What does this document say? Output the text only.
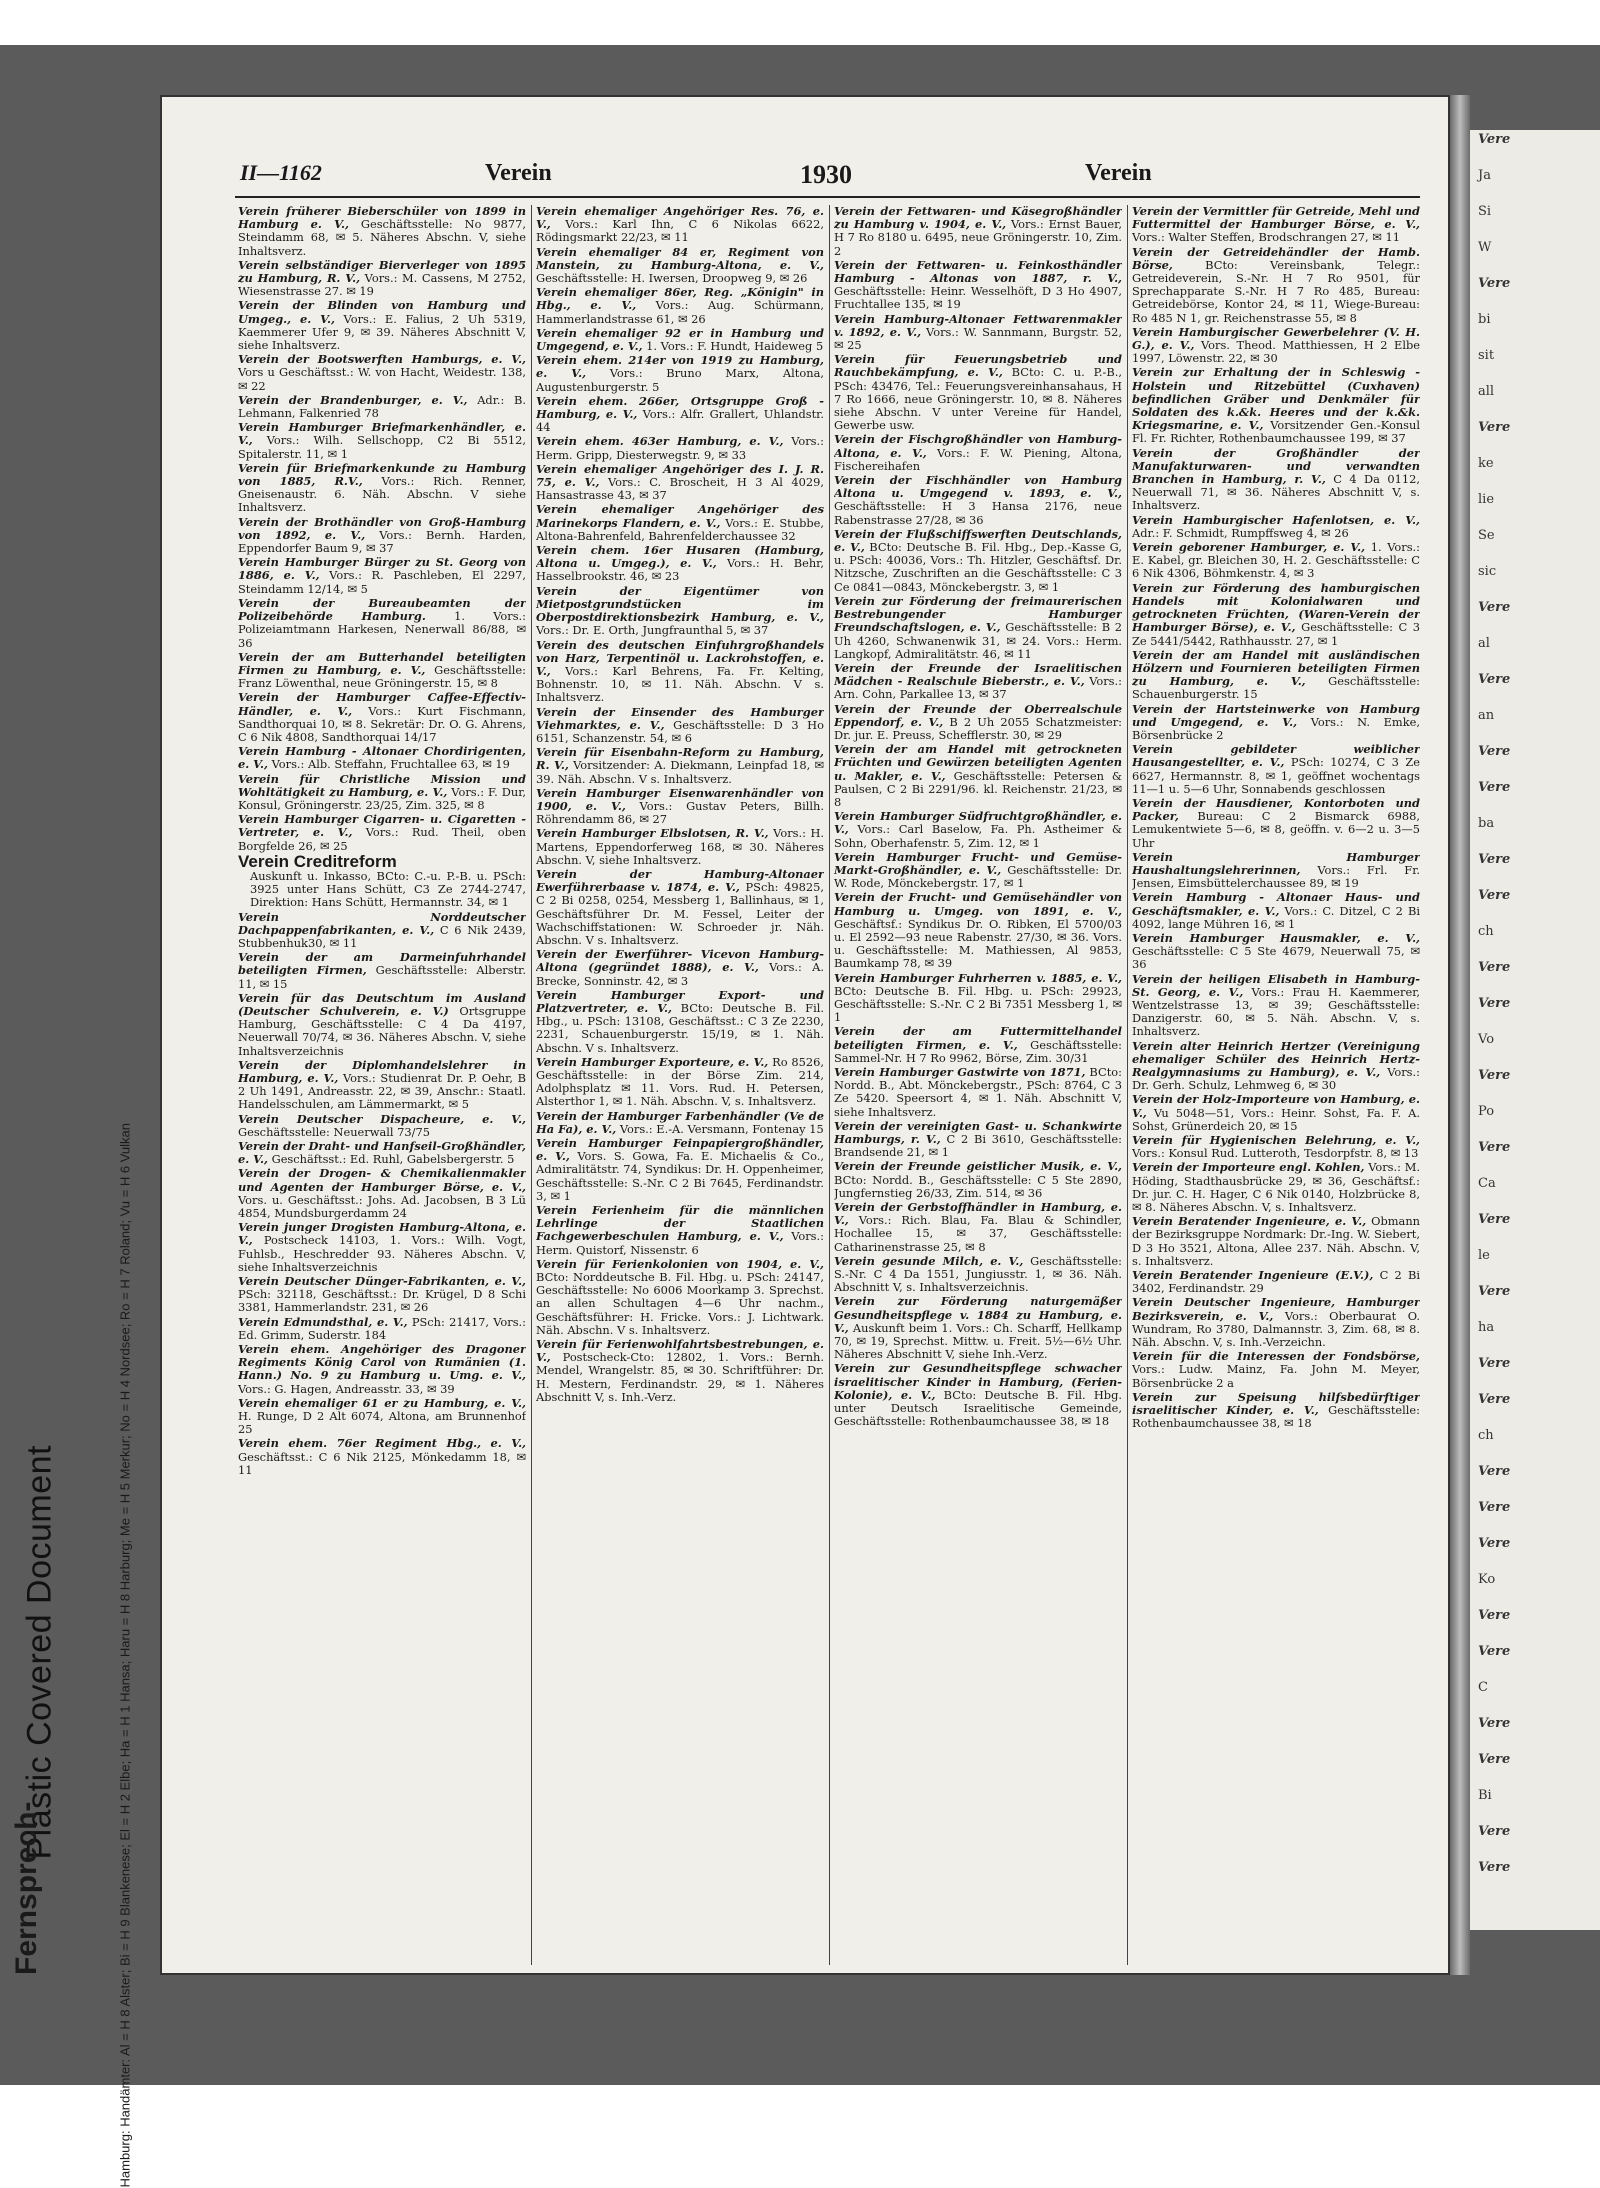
Plastic Covered Document
Vere
Ja
Si
W
Vere
bi
sit
all
Vere
ke
lie
Se
sic
Vere
al
Vere
an
Vere
Vere
ba
Vere
Vere
ch
Vere
Vere
Vo
Vere
Po
Vere
Ca
Vere
le
Vere
ha
Vere
Vere
ch
Vere
Vere
Vere
Ko
Vere
Vere
C
Vere
Vere
Bi
Vere
Vere
II—1162	Verein	1930	Verein
Fernsprech-	Hamburg: Handämter: Al = H 8 Alster; Bi = H 9 Blankenese; El = H 2 Elbe; Ha = H 1 Hansa; Haru = H 8 Harburg; Me = H 5 Merkur; No = H 4 Nordsee; Ro = H 7 Roland; Vu = H 6 Vulkan
Verein früherer Bieberschüler von 1899 in Hamburg e. V., Geschäftsstelle: No 9877, Steindamm 68, ✉ 5. Näheres Abschn. V, siehe Inhaltsverz.
Verein selbständiger Bierverleger von 1895 zu Hamburg, R. V., Vors.: M. Cassens, M 2752, Wiesenstrasse 27. ✉ 19
Verein der Blinden von Hamburg und Umgeg., e. V., Vors.: E. Falius, 2 Uh 5319, Kaemmerer Ufer 9, ✉ 39. Näheres Abschnitt V, siehe Inhaltsverz.
Verein der Bootswerften Hamburgs, e. V., Vors u Geschäftsst.: W. von Hacht, Weidestr. 138, ✉ 22
Verein der Brandenburger, e. V., Adr.: B. Lehmann, Falkenried 78
Verein Hamburger Briefmarkenhändler, e. V., Vors.: Wilh. Sellschopp, C2 Bi 5512, Spitalerstr. 11, ✉ 1
Verein für Briefmarkenkunde zu Hamburg von 1885, R.V., Vors.: Rich. Renner, Gneisenaustr. 6. Näh. Abschn. V siehe Inhaltsverz.
Verein der Brothändler von Groß-Hamburg von 1892, e. V., Vors.: Bernh. Harden, Eppendorfer Baum 9, ✉ 37
Verein Hamburger Bürger zu St. Georg von 1886, e. V., Vors.: R. Paschleben, El 2297, Steindamm 12/14, ✉ 5
Verein der Bureaubeamten der Polizeibehörde Hamburg. 1. Vors.: Polizeiamtmann Harkesen, Nenerwall 86/88, ✉ 36
Verein der am Butterhandel beteiligten Firmen zu Hamburg, e. V., Geschäftsstelle: Franz Löwenthal, neue Gröningerstr. 15, ✉ 8
Verein der Hamburger Caffee-Effectiv-Händler, e. V., Vors.: Kurt Fischmann, Sandthorquai 10, ✉ 8. Sekretär: Dr. O. G. Ahrens, C 6 Nik 4808, Sandthorquai 14/17
Verein Hamburg - Altonaer Chordirigenten, e. V., Vors.: Alb. Steffahn, Fruchtallee 63, ✉ 19
Verein für Christliche Mission und Wohltätigkeit zu Hamburg, e. V., Vors.: F. Dur, Konsul, Gröningerstr. 23/25, Zim. 325, ✉ 8
Verein Hamburger Cigarren- u. Cigaretten - Vertreter, e. V., Vors.: Rud. Theil, oben Borgfelde 26, ✉ 25
Verein Creditreform
Auskunft u. Inkasso, BCto: C.-u. P.-B. u. PSch: 3925 unter Hans Schütt, C3 Ze 2744-2747, Direktion: Hans Schütt, Hermannstr. 34, ✉ 1
Verein Norddeutscher Dachpappenfabrikanten, e. V., C 6 Nik 2439, Stubbenhuk30, ✉ 11
Verein der am Darmeinfuhrhandel beteiligten Firmen, Geschäftsstelle: Alberstr. 11, ✉ 15
Verein für das Deutschtum im Ausland (Deutscher Schulverein, e. V.) Ortsgruppe Hamburg, Geschäftsstelle: C 4 Da 4197, Neuerwall 70/74, ✉ 36. Näheres Abschn. V, siehe Inhaltsverzeichnis
Verein der Diplomhandelslehrer in Hamburg, e. V., Vors.: Studienrat Dr. P. Oehr, B 2 Uh 1491, Andreasstr. 22, ✉ 39, Anschr.: Staatl. Handelsschulen, am Lämmermarkt, ✉ 5
Verein Deutscher Dispacheure, e. V., Geschäftsstelle: Neuerwall 73/75
Verein der Draht- und Hanfseil-Großhändler, e. V., Geschäftsst.: Ed. Ruhl, Gabelsbergerstr. 5
Verein der Drogen- & Chemikalienmakler und Agenten der Hamburger Börse, e. V., Vors. u. Geschäftsst.: Johs. Ad. Jacobsen, B 3 Lü 4854, Mundsburgerdamm 24
Verein junger Drogisten Hamburg-Altona, e. V., Postscheck 14103, 1. Vors.: Wilh. Vogt, Fuhlsb., Heschredder 93. Näheres Abschn. V, siehe Inhaltsverzeichnis
Verein Deutscher Dünger-Fabrikanten, e. V., PSch: 32118, Geschäftsst.: Dr. Krügel, D 8 Schi 3381, Hammerlandstr. 231, ✉ 26
Verein Edmundsthal, e. V., PSch: 21417, Vors.: Ed. Grimm, Suderstr. 184
Verein ehem. Angehöriger des Dragoner Regiments König Carol von Rumänien (1. Hann.) No. 9 zu Hamburg u. Umg. e. V., Vors.: G. Hagen, Andreasstr. 33, ✉ 39
Verein ehemaliger 61 er zu Hamburg, e. V., H. Runge, D 2 Alt 6074, Altona, am Brunnenhof 25
Verein ehem. 76er Regiment Hbg., e. V., Geschäftsst.: C 6 Nik 2125, Mönkedamm 18, ✉ 11
Verein ehemaliger Angehöriger Res. 76, e. V., Vors.: Karl Ihn, C 6 Nikolas 6622, Rödingsmarkt 22/23, ✉ 11
Verein ehemaliger 84 er, Regiment von Manstein, zu Hamburg-Altona, e. V., Geschäftsstelle: H. Iwersen, Droopweg 9, ✉ 26
Verein ehemaliger 86er, Reg. „Königin" in Hbg., e. V., Vors.: Aug. Schürmann, Hammerlandstrasse 61, ✉ 26
Verein ehemaliger 92 er in Hamburg und Umgegend, e. V., 1. Vors.: F. Hundt, Haideweg 5
Verein ehem. 214er von 1919 zu Hamburg, e. V., Vors.: Bruno Marx, Altona, Augustenburgerstr. 5
Verein ehem. 266er, Ortsgruppe Groß - Hamburg, e. V., Vors.: Alfr. Grallert, Uhlandstr. 44
Verein ehem. 463er Hamburg, e. V., Vors.: Herm. Gripp, Diesterwegstr. 9, ✉ 33
Verein ehemaliger Angehöriger des I. J. R. 75, e. V., Vors.: C. Broscheit, H 3 Al 4029, Hansastrasse 43, ✉ 37
Verein ehemaliger Angehöriger des Marinekorps Flandern, e. V., Vors.: E. Stubbe, Altona-Bahrenfeld, Bahrenfelderchaussee 32
Verein chem. 16er Husaren (Hamburg, Altona u. Umgeg.), e. V., Vors.: H. Behr, Hasselbrookstr. 46, ✉ 23
Verein der Eigentümer von Mietpostgrundstücken im Oberpostdirektionsbezirk Hamburg, e. V., Vors.: Dr. E. Orth, Jungfraunthal 5, ✉ 37
Verein des deutschen Einfuhrgroßhandels von Harz, Terpentinöl u. Lackrohstoffen, e. V., Vors.: Karl Behrens, Fa. Fr. Kelting, Bohnenstr. 10, ✉ 11. Näh. Abschn. V s. Inhaltsverz.
Verein der Einsender des Hamburger Viehmarktes, e. V., Geschäftsstelle: D 3 Ho 6151, Schanzenstr. 54, ✉ 6
Verein für Eisenbahn-Reform zu Hamburg, R. V., Vorsitzender: A. Diekmann, Leinpfad 18, ✉ 39. Näh. Abschn. V s. Inhaltsverz.
Verein Hamburger Eisenwarenhändler von 1900, e. V., Vors.: Gustav Peters, Billh. Röhrendamm 86, ✉ 27
Verein Hamburger Elbslotsen, R. V., Vors.: H. Martens, Eppendorferweg 168, ✉ 30. Näheres Abschn. V, siehe Inhaltsverz.
Verein der Hamburg-Altonaer Ewerführerbaase v. 1874, e. V., PSch: 49825, C 2 Bi 0258, 0254, Messberg 1, Ballinhaus, ✉ 1, Geschäftsführer Dr. M. Fessel, Leiter der Wachschiffstationen: W. Schroeder jr. Näh. Abschn. V s. Inhaltsverz.
Verein der Ewerführer- Vicevon Hamburg-Altona (gegründet 1888), e. V., Vors.: A. Brecke, Sonninstr. 42, ✉ 3
Verein Hamburger Export- und Platzvertreter, e. V., BCto: Deutsche B. Fil. Hbg., u. PSch: 13108, Geschäftsst.: C 3 Ze 2230, 2231, Schauenburgerstr. 15/19, ✉ 1. Näh. Abschn. V s. Inhaltsverz.
Verein Hamburger Exporteure, e. V., Ro 8526, Geschäftsstelle: in der Börse Zim. 214, Adolphsplatz ✉ 11. Vors. Rud. H. Petersen, Alsterthor 1, ✉ 1. Näh. Abschn. V, s. Inhaltsverz.
Verein der Hamburger Farbenhändler (Ve de Ha Fa), e. V., Vors.: E.-A. Versmann, Fontenay 15
Verein Hamburger Feinpapiergroßhändler, e. V., Vors. S. Gowa, Fa. E. Michaelis & Co., Admiralitätstr. 74, Syndikus: Dr. H. Oppenheimer, Geschäftsstelle: S.-Nr. C 2 Bi 7645, Ferdinandstr. 3, ✉ 1
Verein Ferienheim für die männlichen Lehrlinge der Staatlichen Fachgewerbeschulen Hamburg, e. V., Vors.: Herm. Quistorf, Nissenstr. 6
Verein für Ferienkolonien von 1904, e. V., BCto: Norddeutsche B. Fil. Hbg. u. PSch: 24147, Geschäftsstelle: No 6006 Moorkamp 3. Sprechst. an allen Schultagen 4—6 Uhr nachm., Geschäftsführer: H. Fricke. Vors.: J. Lichtwark. Näh. Abschn. V s. Inhaltsverz.
Verein für Ferienwohlfahrtsbestrebungen, e. V., Postscheck-Cto: 12802, 1. Vors.: Bernh. Mendel, Wrangelstr. 85, ✉ 30. Schriftführer: Dr. H. Mestern, Ferdinandstr. 29, ✉ 1. Näheres Abschnitt V, s. Inh.-Verz.
Verein der Fettwaren- und Käsegroßhändler zu Hamburg v. 1904, e. V., Vors.: Ernst Bauer, H 7 Ro 8180 u. 6495, neue Gröningerstr. 10, Zim. 2
Verein der Fettwaren- u. Feinkosthändler Hamburg - Altonas von 1887, r. V., Geschäftsstelle: Heinr. Wesselhöft, D 3 Ho 4907, Fruchtallee 135, ✉ 19
Verein Hamburg-Altonaer Fettwarenmakler v. 1892, e. V., Vors.: W. Sannmann, Burgstr. 52, ✉ 25
Verein für Feuerungsbetrieb und Rauchbekämpfung, e. V., BCto: C. u. P.-B., PSch: 43476, Tel.: Feuerungsvereinhansahaus, H 7 Ro 1666, neue Gröningerstr. 10, ✉ 8. Näheres siehe Abschn. V unter Vereine für Handel, Gewerbe usw.
Verein der Fischgroßhändler von Hamburg-Altona, e. V., Vors.: F. W. Piening, Altona, Fischereihafen
Verein der Fischhändler von Hamburg Altona u. Umgegend v. 1893, e. V., Geschäftsstelle: H 3 Hansa 2176, neue Rabenstrasse 27/28, ✉ 36
Verein der Flußschiffswerften Deutschlands, e. V., BCto: Deutsche B. Fil. Hbg., Dep.-Kasse G, u. PSch: 40036, Vors.: Th. Hitzler, Geschäftsf. Dr. Nitzsche, Zuschriften an die Geschäftsstelle: C 3 Ce 0841—0843, Mönckebergstr. 3, ✉ 1
Verein zur Förderung der freimaurerischen Bestrebungender Hamburger Freundschaftslogen, e. V., Geschäftsstelle: B 2 Uh 4260, Schwanenwik 31, ✉ 24. Vors.: Herm. Langkopf, Admiralitätstr. 46, ✉ 11
Verein der Freunde der Israelitischen Mädchen - Realschule Bieberstr., e. V., Vors.: Arn. Cohn, Parkallee 13, ✉ 37
Verein der Freunde der Oberrealschule Eppendorf, e. V., B 2 Uh 2055 Schatzmeister: Dr. jur. E. Preuss, Schefflerstr. 30, ✉ 29
Verein der am Handel mit getrockneten Früchten und Gewürzen beteiligten Agenten u. Makler, e. V., Geschäftsstelle: Petersen & Paulsen, C 2 Bi 2291/96. kl. Reichenstr. 21/23, ✉ 8
Verein Hamburger Südfruchtgroßhändler, e. V., Vors.: Carl Baselow, Fa. Ph. Astheimer & Sohn, Oberhafenstr. 5, Zim. 12, ✉ 1
Verein Hamburger Frucht- und Gemüse-Markt-Großhändler, e. V., Geschäftsstelle: Dr. W. Rode, Mönckebergstr. 17, ✉ 1
Verein der Frucht- und Gemüsehändler von Hamburg u. Umgeg. von 1891, e. V., Geschäftsf.: Syndikus Dr. O. Ribken, El 5700/03 u. El 2592—93 neue Rabenstr. 27/30, ✉ 36. Vors. u. Geschäftsstelle: M. Mathiessen, Al 9853, Baumkamp 78, ✉ 39
Verein Hamburger Fuhrherren v. 1885, e. V., BCto: Deutsche B. Fil. Hbg. u. PSch: 29923, Geschäftsstelle: S.-Nr. C 2 Bi 7351 Messberg 1, ✉ 1
Verein der am Futtermittelhandel beteiligten Firmen, e. V., Geschäftsstelle: Sammel-Nr. H 7 Ro 9962, Börse, Zim. 30/31
Verein Hamburger Gastwirte von 1871, BCto: Nordd. B., Abt. Mönckebergstr., PSch: 8764, C 3 Ze 5420. Speersort 4, ✉ 1. Näh. Abschnitt V, siehe Inhaltsverz.
Verein der vereinigten Gast- u. Schankwirte Hamburgs, r. V., C 2 Bi 3610, Geschäftsstelle: Brandsende 21, ✉ 1
Verein der Freunde geistlicher Musik, e. V., BCto: Nordd. B., Geschäftsstelle: C 5 Ste 2890, Jungfernstieg 26/33, Zim. 514, ✉ 36
Verein der Gerbstoffhändler in Hamburg, e. V., Vors.: Rich. Blau, Fa. Blau & Schindler, Hochallee 15, ✉ 37, Geschäftsstelle: Catharinenstrasse 25, ✉ 8
Verein gesunde Milch, e. V., Geschäftsstelle: S.-Nr. C 4 Da 1551, Jungiusstr. 1, ✉ 36. Näh. Abschnitt V, s. Inhaltsverzeichnis.
Verein zur Förderung naturgemäßer Gesundheitspflege v. 1884 zu Hamburg, e. V., Auskunft beim 1. Vors.: Ch. Scharff, Hellkamp 70, ✉ 19, Sprechst. Mittw. u. Freit. 5½—6½ Uhr. Näheres Abschnitt V, siehe Inh.-Verz.
Verein zur Gesundheitspflege schwacher israelitischer Kinder in Hamburg, (Ferien-Kolonie), e. V., BCto: Deutsche B. Fil. Hbg. unter Deutsch Israelitische Gemeinde, Geschäftsstelle: Rothenbaumchaussee 38, ✉ 18
Verein der Vermittler für Getreide, Mehl und Futtermittel der Hamburger Börse, e. V., Vors.: Walter Steffen, Brodschrangen 27, ✉ 11
Verein der Getreidehändler der Hamb. Börse,	BCto: Vereinsbank, Telegr.: Getreideverein, S.-Nr. H 7 Ro 9501, für Sprechapparate S.-Nr. H 7 Ro 485, Bureau: Getreidebörse, Kontor 24, ✉ 11, Wiege-Bureau: Ro 485 N 1, gr. Reichenstrasse 55, ✉ 8
Verein Hamburgischer Gewerbelehrer (V. H. G.), e. V., Vors. Theod. Matthiessen, H 2 Elbe 1997, Löwenstr. 22, ✉ 30
Verein zur Erhaltung der in Schleswig - Holstein und Ritzebüttel (Cuxhaven) befindlichen Gräber und Denkmäler für Soldaten des k.&k. Heeres und der k.&k. Kriegsmarine, e. V., Vorsitzender Gen.-Konsul Fl. Fr. Richter, Rothenbaumchaussee 199, ✉ 37
Verein der Großhändler der Manufakturwaren- und verwandten Branchen in Hamburg, r. V., C 4 Da 0112, Neuerwall 71, ✉ 36. Näheres Abschnitt V, s. Inhaltsverz.
Verein Hamburgischer Hafenlotsen, e. V., Adr.: F. Schmidt, Rumpffsweg 4, ✉ 26
Verein geborener Hamburger, e. V., 1. Vors.: E. Kabel, gr. Bleichen 30, H. 2. Geschäftsstelle: C 6 Nik 4306, Böhmkenstr. 4, ✉ 3
Verein zur Förderung des hamburgischen Handels mit Kolonialwaren und getrockneten Früchten, (Waren-Verein der Hamburger Börse), e. V., Geschäftsstelle: C 3 Ze 5441/5442, Rathhausstr. 27, ✉ 1
Verein der am Handel mit ausländischen Hölzern und Fournieren beteiligten Firmen zu Hamburg, e. V., Geschäftsstelle: Schauenburgerstr. 15
Verein der Hartsteinwerke von Hamburg und Umgegend, e. V., Vors.: N. Emke, Börsenbrücke 2
Verein gebildeter weiblicher Hausangestellter, e. V., PSch: 10274, C 3 Ze 6627, Hermannstr. 8, ✉ 1, geöffnet wochentags 11—1 u. 5—6 Uhr, Sonnabends geschlossen
Verein der Hausdiener, Kontorboten und Packer, Bureau: C 2 Bismarck 6988, Lemukentwiete 5—6, ✉ 8, geöffn. v. 6—2 u. 3—5 Uhr
Verein Hamburger Haushaltungslehrerinnen, Vors.: Frl. Fr. Jensen, Eimsbüttelerchaussee 89, ✉ 19
Verein Hamburg - Altonaer Haus- und Geschäftsmakler, e. V., Vors.: C. Ditzel, C 2 Bi 4092, lange Mühren 16, ✉ 1
Verein Hamburger Hausmakler, e. V., Geschäftsstelle: C 5 Ste 4679, Neuerwall 75, ✉ 36
Verein der heiligen Elisabeth in Hamburg-St. Georg, e. V., Vors.: Frau H. Kaemmerer, Wentzelstrasse 13, ✉ 39; Geschäftsstelle: Danzigerstr. 60, ✉ 5. Näh. Abschn. V, s. Inhaltsverz.
Verein alter Heinrich Hertzer (Vereinigung ehemaliger Schüler des Heinrich Hertz-Realgymnasiums zu Hamburg), e. V., Vors.: Dr. Gerh. Schulz, Lehmweg 6, ✉ 30
Verein der Holz-Importeure von Hamburg, e. V., Vu 5048—51, Vors.: Heinr. Sohst, Fa. F. A. Sohst, Grünerdeich 20, ✉ 15
Verein für Hygienischen Belehrung, e. V., Vors.: Konsul Rud. Lutteroth, Tesdorpfstr. 8, ✉ 13
Verein der Importeure engl. Kohlen, Vors.: M. Höding, Stadthausbrücke 29, ✉ 36, Geschäftsf.: Dr. jur. C. H. Hager, C 6 Nik 0140, Holzbrücke 8, ✉ 8. Näheres Abschn. V, s. Inhaltsverz.
Verein Beratender Ingenieure, e. V., Obmann der Bezirksgruppe Nordmark: Dr.-Ing. W. Siebert, D 3 Ho 3521, Altona, Allee 237. Näh. Abschn. V, s. Inhaltsverz.
Verein Beratender Ingenieure (E.V.), C 2 Bi 3402, Ferdinandstr. 29
Verein Deutscher Ingenieure, Hamburger Bezirksverein, e. V., Vors.: Oberbaurat O. Wundram, Ro 3780, Dalmannstr. 3, Zim. 68, ✉ 8. Näh. Abschn. V, s. Inh.-Verzeichn.
Verein für die Interessen der Fondsbörse, Vors.: Ludw. Mainz, Fa. John M. Meyer, Börsenbrücke 2 a
Verein zur Speisung hilfsbedürftiger israelitischer Kinder, e. V., Geschäftsstelle: Rothenbaumchaussee 38, ✉ 18
